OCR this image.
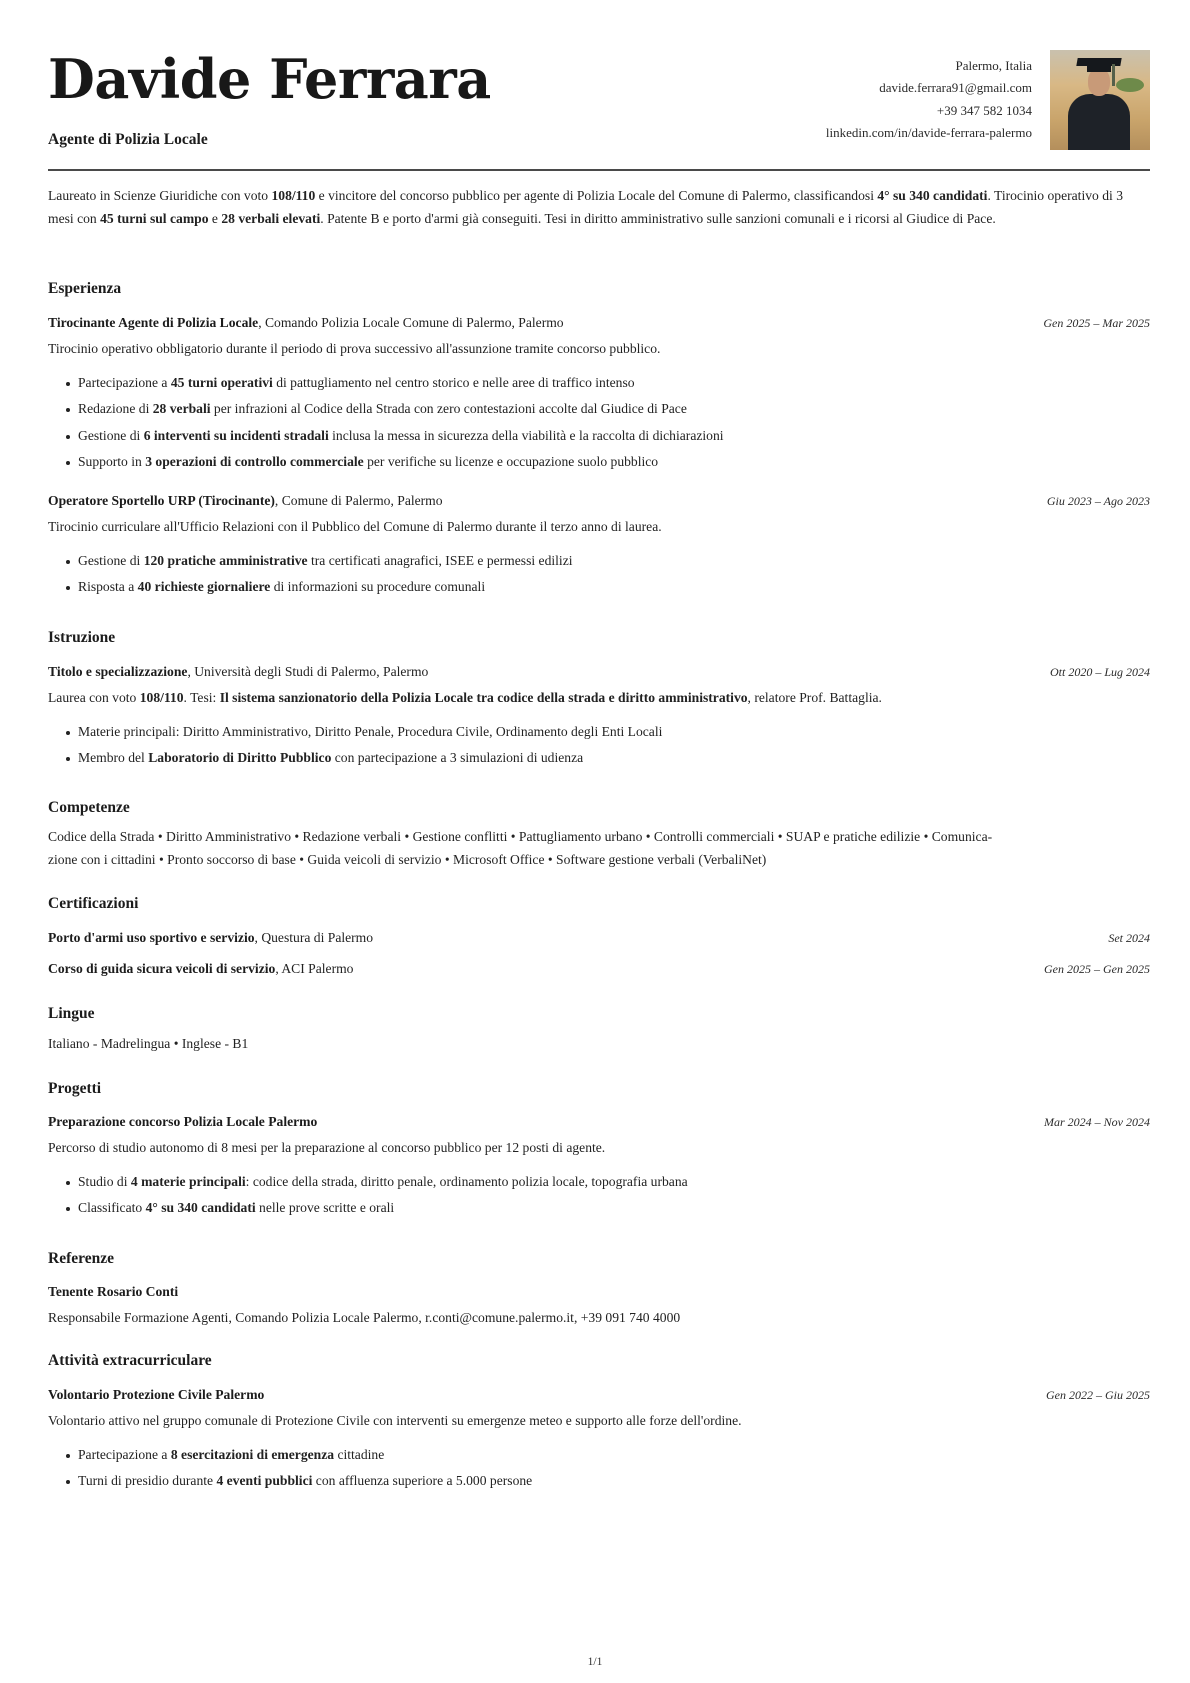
Davide Ferrara
Agente di Polizia Locale
Palermo, Italia
davide.ferrara91@gmail.com
+39 347 582 1034
linkedin.com/in/davide-ferrara-palermo
Laureato in Scienze Giuridiche con voto 108/110 e vincitore del concorso pubblico per agente di Polizia Locale del Comune di Palermo, classificandosi 4° su 340 candidati. Tirocinio operativo di 3 mesi con 45 turni sul campo e 28 verbali elevati. Patente B e porto d'armi già conseguiti. Tesi in diritto amministrativo sulle sanzioni comunali e i ricorsi al Giudice di Pace.
Esperienza
Tirocinante Agente di Polizia Locale, Comando Polizia Locale Comune di Palermo, Palermo	Gen 2025 – Mar 2025
Tirocinio operativo obbligatorio durante il periodo di prova successivo all'assunzione tramite concorso pubblico.
Partecipazione a 45 turni operativi di pattugliamento nel centro storico e nelle aree di traffico intenso
Redazione di 28 verbali per infrazioni al Codice della Strada con zero contestazioni accolte dal Giudice di Pace
Gestione di 6 interventi su incidenti stradali inclusa la messa in sicurezza della viabilità e la raccolta di dichiarazioni
Supporto in 3 operazioni di controllo commerciale per verifiche su licenze e occupazione suolo pubblico
Operatore Sportello URP (Tirocinante), Comune di Palermo, Palermo	Giu 2023 – Ago 2023
Tirocinio curriculare all'Ufficio Relazioni con il Pubblico del Comune di Palermo durante il terzo anno di laurea.
Gestione di 120 pratiche amministrative tra certificati anagrafici, ISEE e permessi edilizi
Risposta a 40 richieste giornaliere di informazioni su procedure comunali
Istruzione
Titolo e specializzazione, Università degli Studi di Palermo, Palermo	Ott 2020 – Lug 2024
Laurea con voto 108/110. Tesi: Il sistema sanzionatorio della Polizia Locale tra codice della strada e diritto amministrativo, relatore Prof. Battaglia.
Materie principali: Diritto Amministrativo, Diritto Penale, Procedura Civile, Ordinamento degli Enti Locali
Membro del Laboratorio di Diritto Pubblico con partecipazione a 3 simulazioni di udienza
Competenze
Codice della Strada • Diritto Amministrativo • Redazione verbali • Gestione conflitti • Pattugliamento urbano • Controlli commerciali • SUAP e pratiche edilizie • Comunica-
zione con i cittadini • Pronto soccorso di base • Guida veicoli di servizio • Microsoft Office • Software gestione verbali (VerbaliNet)
Certificazioni
Porto d'armi uso sportivo e servizio, Questura di Palermo	Set 2024
Corso di guida sicura veicoli di servizio, ACI Palermo	Gen 2025 – Gen 2025
Lingue
Italiano - Madrelingua • Inglese - B1
Progetti
Preparazione concorso Polizia Locale Palermo	Mar 2024 – Nov 2024
Percorso di studio autonomo di 8 mesi per la preparazione al concorso pubblico per 12 posti di agente.
Studio di 4 materie principali: codice della strada, diritto penale, ordinamento polizia locale, topografia urbana
Classificato 4° su 340 candidati nelle prove scritte e orali
Referenze
Tenente Rosario Conti
Responsabile Formazione Agenti, Comando Polizia Locale Palermo, r.conti@comune.palermo.it, +39 091 740 4000
Attività extracurriculare
Volontario Protezione Civile Palermo	Gen 2022 – Giu 2025
Volontario attivo nel gruppo comunale di Protezione Civile con interventi su emergenze meteo e supporto alle forze dell'ordine.
Partecipazione a 8 esercitazioni di emergenza cittadine
Turni di presidio durante 4 eventi pubblici con affluenza superiore a 5.000 persone
1/1
